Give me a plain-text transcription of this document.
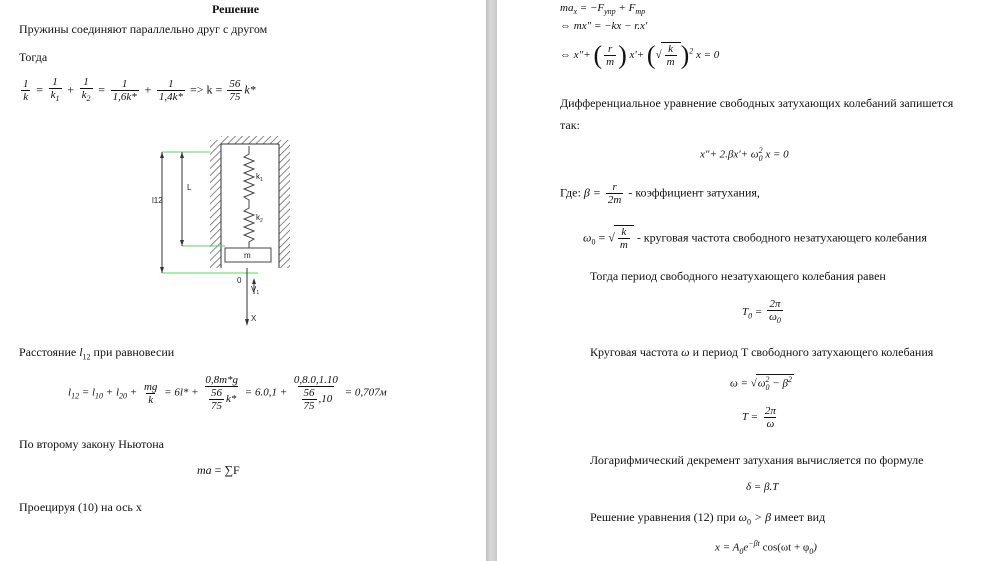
Решение
Пружины соединяют параллельно друг с другом
Тогда
$\frac{1}{k} = \frac{1}{k_1} + \frac{1}{k_2} = \frac{1}{1,6k*} + \frac{1}{1,4k*} => k = \frac{56}{75} k*$
$k_1$
$k_2$
m
l12
L
0
$V_1$
X
Расстояние $l_{12}$ при равновесии
$l_{12} = l_{10} + l_{20} + \frac{mg}{k} = 6l* + \frac{0,8m*g}{\frac{56}{75} k*} = 6.0,1 + \frac{0,8.0,1.10}{\frac{56}{75} ,10} = 0,707м$
По второму закону Ньютона
ma = ∑F
Проецируя (10) на ось x
$ma_x = -F_{упр} + F_{тр}$
⇔ mx" = −kx − r.x'
⇔ x"+ ( $\frac{r}{m}$ ) x'+ (√ $\frac{k}{m} )^2$ x = 0
Дифференциальное уравнение свободных затухающих колебаний запишется
так:
x"+ $2.\beta x'+ \omega_0^2$ x = 0
Где: $\beta = \frac{r}{2m}$ - коэффициент затухания,
$\omega_0$ = √ $\frac{k}{m}$ - круговая частота свободного незатухающего колебания
Тогда период свободного незатухающего колебания равен
$T_0 = \frac{2\pi}{\omega_0}$
Круговая частота ω и период T свободного затухающего колебания
$\omega = √\omega_0^2 - \beta^2$
$T = \frac{2\pi}{\omega}$
Логарифмический декремент затухания вычисляется по формуле
δ = β.T
Решение уравнения (12) при $\omega_0 > \beta$ имеет вид
$x = A_0e^{-\beta t}$ $\cos(\omega t + \varphi_0)$
